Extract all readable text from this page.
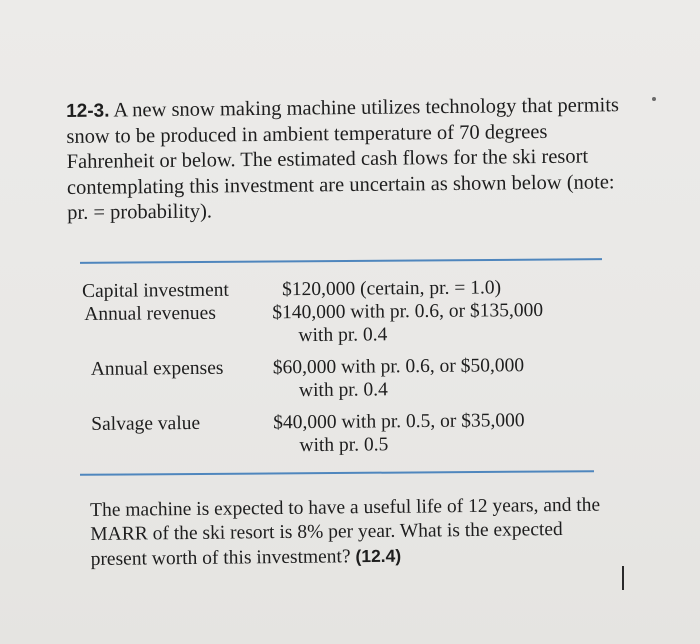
12-3. A new snow making machine utilizes technology that permits snow to be produced in ambient temperature of 70 degrees Fahrenheit or below. The estimated cash flows for the ski resort contemplating this investment are uncertain as shown below (note: pr. = probability).
Capital investment	$120,000 (certain, pr. = 1.0)
Annual revenues	$140,000 with pr. 0.6, or $135,000
with pr. 0.4
Annual expenses	$60,000 with pr. 0.6, or $50,000
with pr. 0.4
Salvage value	$40,000 with pr. 0.5, or $35,000
with pr. 0.5
The machine is expected to have a useful life of 12 years, and the MARR of the ski resort is 8% per year. What is the expected present worth of this investment? (12.4)
